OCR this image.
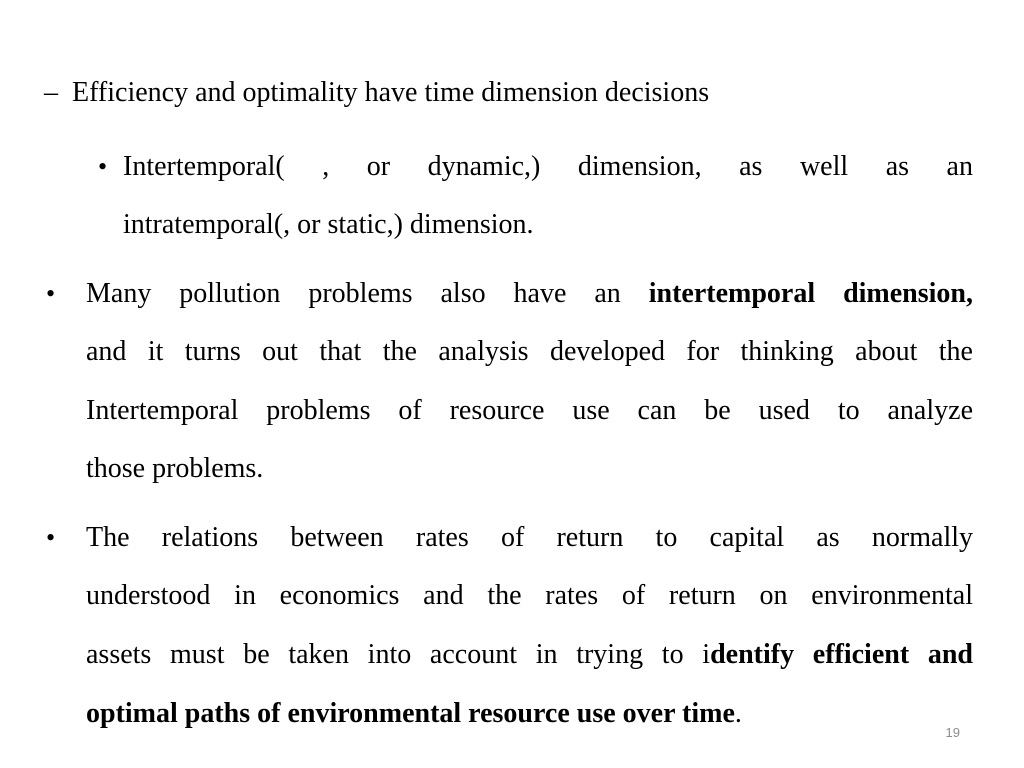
– Efficiency and optimality have time dimension decisions
• Intertemporal( , or dynamic,) dimension, as well as an
intratemporal(, or static,) dimension.
• Many pollution problems also have an intertemporal dimension,
and it turns out that the analysis developed for thinking about the
Intertemporal problems of resource use can be used to analyze
those problems.
• The relations between rates of return to capital as normally
understood in economics and the rates of return on environmental
assets must be taken into account in trying to identify efficient and
optimal paths of environmental resource use over time.
19
